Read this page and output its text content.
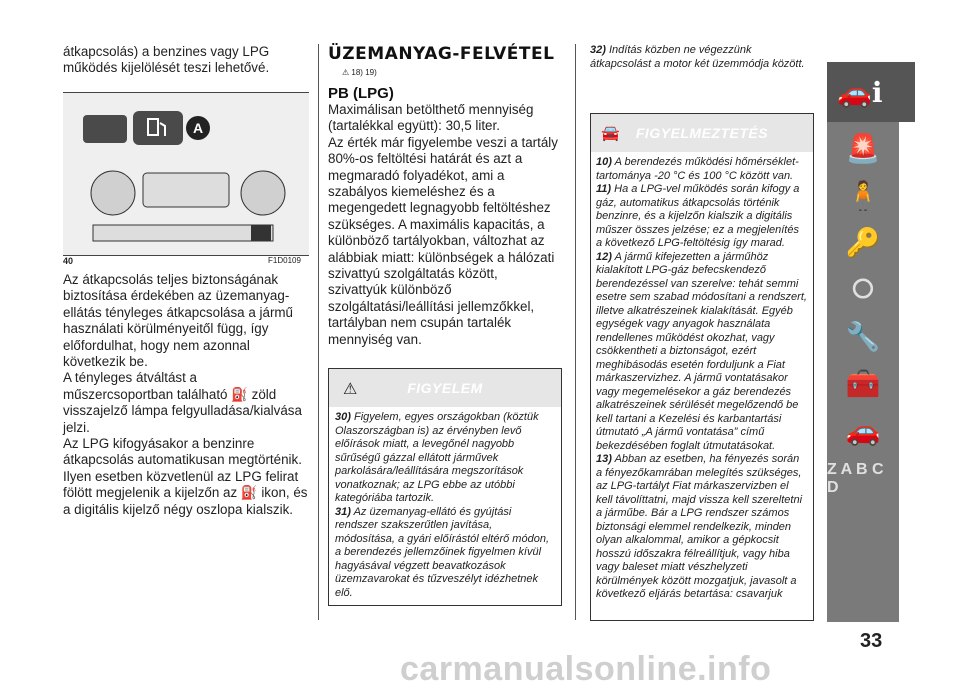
átkapcsolás) a benzines vagy LPG működés kijelölését teszi lehetővé.
A
40	F1D0109
Az átkapcsolás teljes biztonságának biztosítása érdekében az üzemanyag-ellátás tényleges átkapcsolása a jármű használati körülményeitől függ, így előfordulhat, hogy nem azonnal következik be.
A tényleges átváltást a műszercsoportban található ⛽ zöld visszajelző lámpa felgyulladása/kialvása jelzi.
Az LPG kifogyásakor a benzinre átkapcsolás automatikusan megtörténik. Ilyen esetben közvetlenül az LPG felirat fölött megjelenik a kijelzőn az ⛽ ikon, és a digitális kijelző négy oszlopa kialszik.
ÜZEMANYAG-FELVÉTEL
⚠ 18) 19)
PB (LPG)
Maximálisan betölthető mennyiség (tartalékkal együtt): 30,5 liter.
Az érték már figyelembe veszi a tartály 80%-os feltöltési határát és azt a megmaradó folyadékot, ami a szabályos kiemeléshez és a megengedett legnagyobb feltöltéshez szükséges. A maximális kapacitás, a különböző tartályokban, változhat az alábbiak miatt: különbségek a hálózati szivattyú szolgáltatás között, szivattyúk különböző szolgáltatási/leállítási jellemzőkkel, tartályban nem csupán tartalék mennyiség van.
⚠	FIGYELEM
30) Figyelem, egyes országokban (köztük Olaszországban is) az érvényben levő előírások miatt, a levegőnél nagyobb sűrűségű gázzal ellátott járművek parkolására/leállítására megszorítások vonatkoznak; az LPG ebbe az utóbbi kategóriába tartozik.
31) Az üzemanyag-ellátó és gyújtási rendszer szakszerűtlen javítása, módosítása, a gyári előírástól eltérő módon, a berendezés jellemzőinek figyelmen kívül hagyásával végzett beavatkozások üzemzavarokat és tűzveszélyt idézhetnek elő.
32) Indítás közben ne végezzünk átkapcsolást a motor két üzemmódja között.
🚘	FIGYELMEZTETÉS
10) A berendezés működési hőmérséklet-tartománya -20 °C és 100 °C között van.
11) Ha a LPG-vel működés során kifogy a gáz, automatikus átkapcsolás történik benzinre, és a kijelzőn kialszik a digitális műszer összes jelzése; ez a megjelenítés a következő LPG-feltöltésig így marad.
12) A jármű kifejezetten a járműhöz kialakított LPG-gáz befecskendező berendezéssel van szerelve: tehát semmi esetre sem szabad módosítani a rendszert, illetve alkatrészeinek kialakítását. Egyéb egységek vagy anyagok használata rendellenes működést okozhat, vagy csökkentheti a biztonságot, ezért meghibásodás esetén forduljunk a Fiat márkaszervizhez. A jármű vontatásakor vagy megemelésekor a gáz berendezés alkatrészeinek sérülését megelőzendő be kell tartani a Kezelési és karbantartási útmutató „A jármű vontatása” című bekezdésében foglalt útmutatásokat.
13) Abban az esetben, ha fényezés során a fényezőkamrában melegítés szükséges, az LPG-tartályt Fiat márkaszervizben el kell távolíttatni, majd vissza kell szereltetni a járműbe. Bár a LPG rendszer számos biztonsági elemmel rendelkezik, minden olyan alkalommal, amikor a gépkocsit hosszú időszakra félreállítjuk, vagy hiba vagy baleset miatt vészhelyzeti körülmények között mozgatjuk, javasolt a következő eljárás betartása: csavarjuk
🚨
🧍
🔑
⭘
🔧
🧰
🚗
Z A B C D
🚗ℹ
33
carmanualsonline.info
